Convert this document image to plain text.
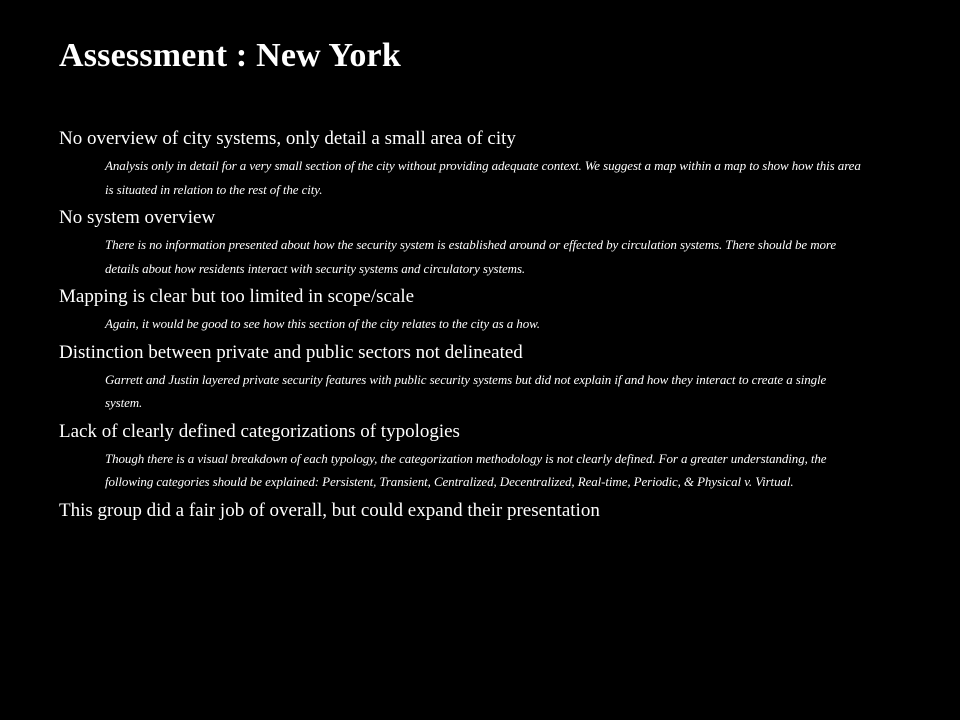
Assessment : New York
No overview of city systems, only detail a small area of city
Analysis only in detail for a very small section of the city without providing adequate context. We suggest a map within a map to show how this area is situated in relation to the rest of the city.
No system overview
There is no information presented about how the security system is established around or effected by circulation systems. There should be more details about how residents interact with security systems and circulatory systems.
Mapping is clear but too limited in scope/scale
Again, it would be good to see how this section of the city relates to the city as a how.
Distinction between private and public sectors not delineated
Garrett and Justin layered private security features with public security systems but did not explain if and how they interact to create a single system.
Lack of clearly defined categorizations of typologies
Though there is a visual breakdown of each typology, the categorization methodology is not clearly defined. For a greater understanding, the following categories should be explained: Persistent, Transient, Centralized, Decentralized, Real-time, Periodic, & Physical v. Virtual.
This group did a fair job of overall, but could expand their presentation
